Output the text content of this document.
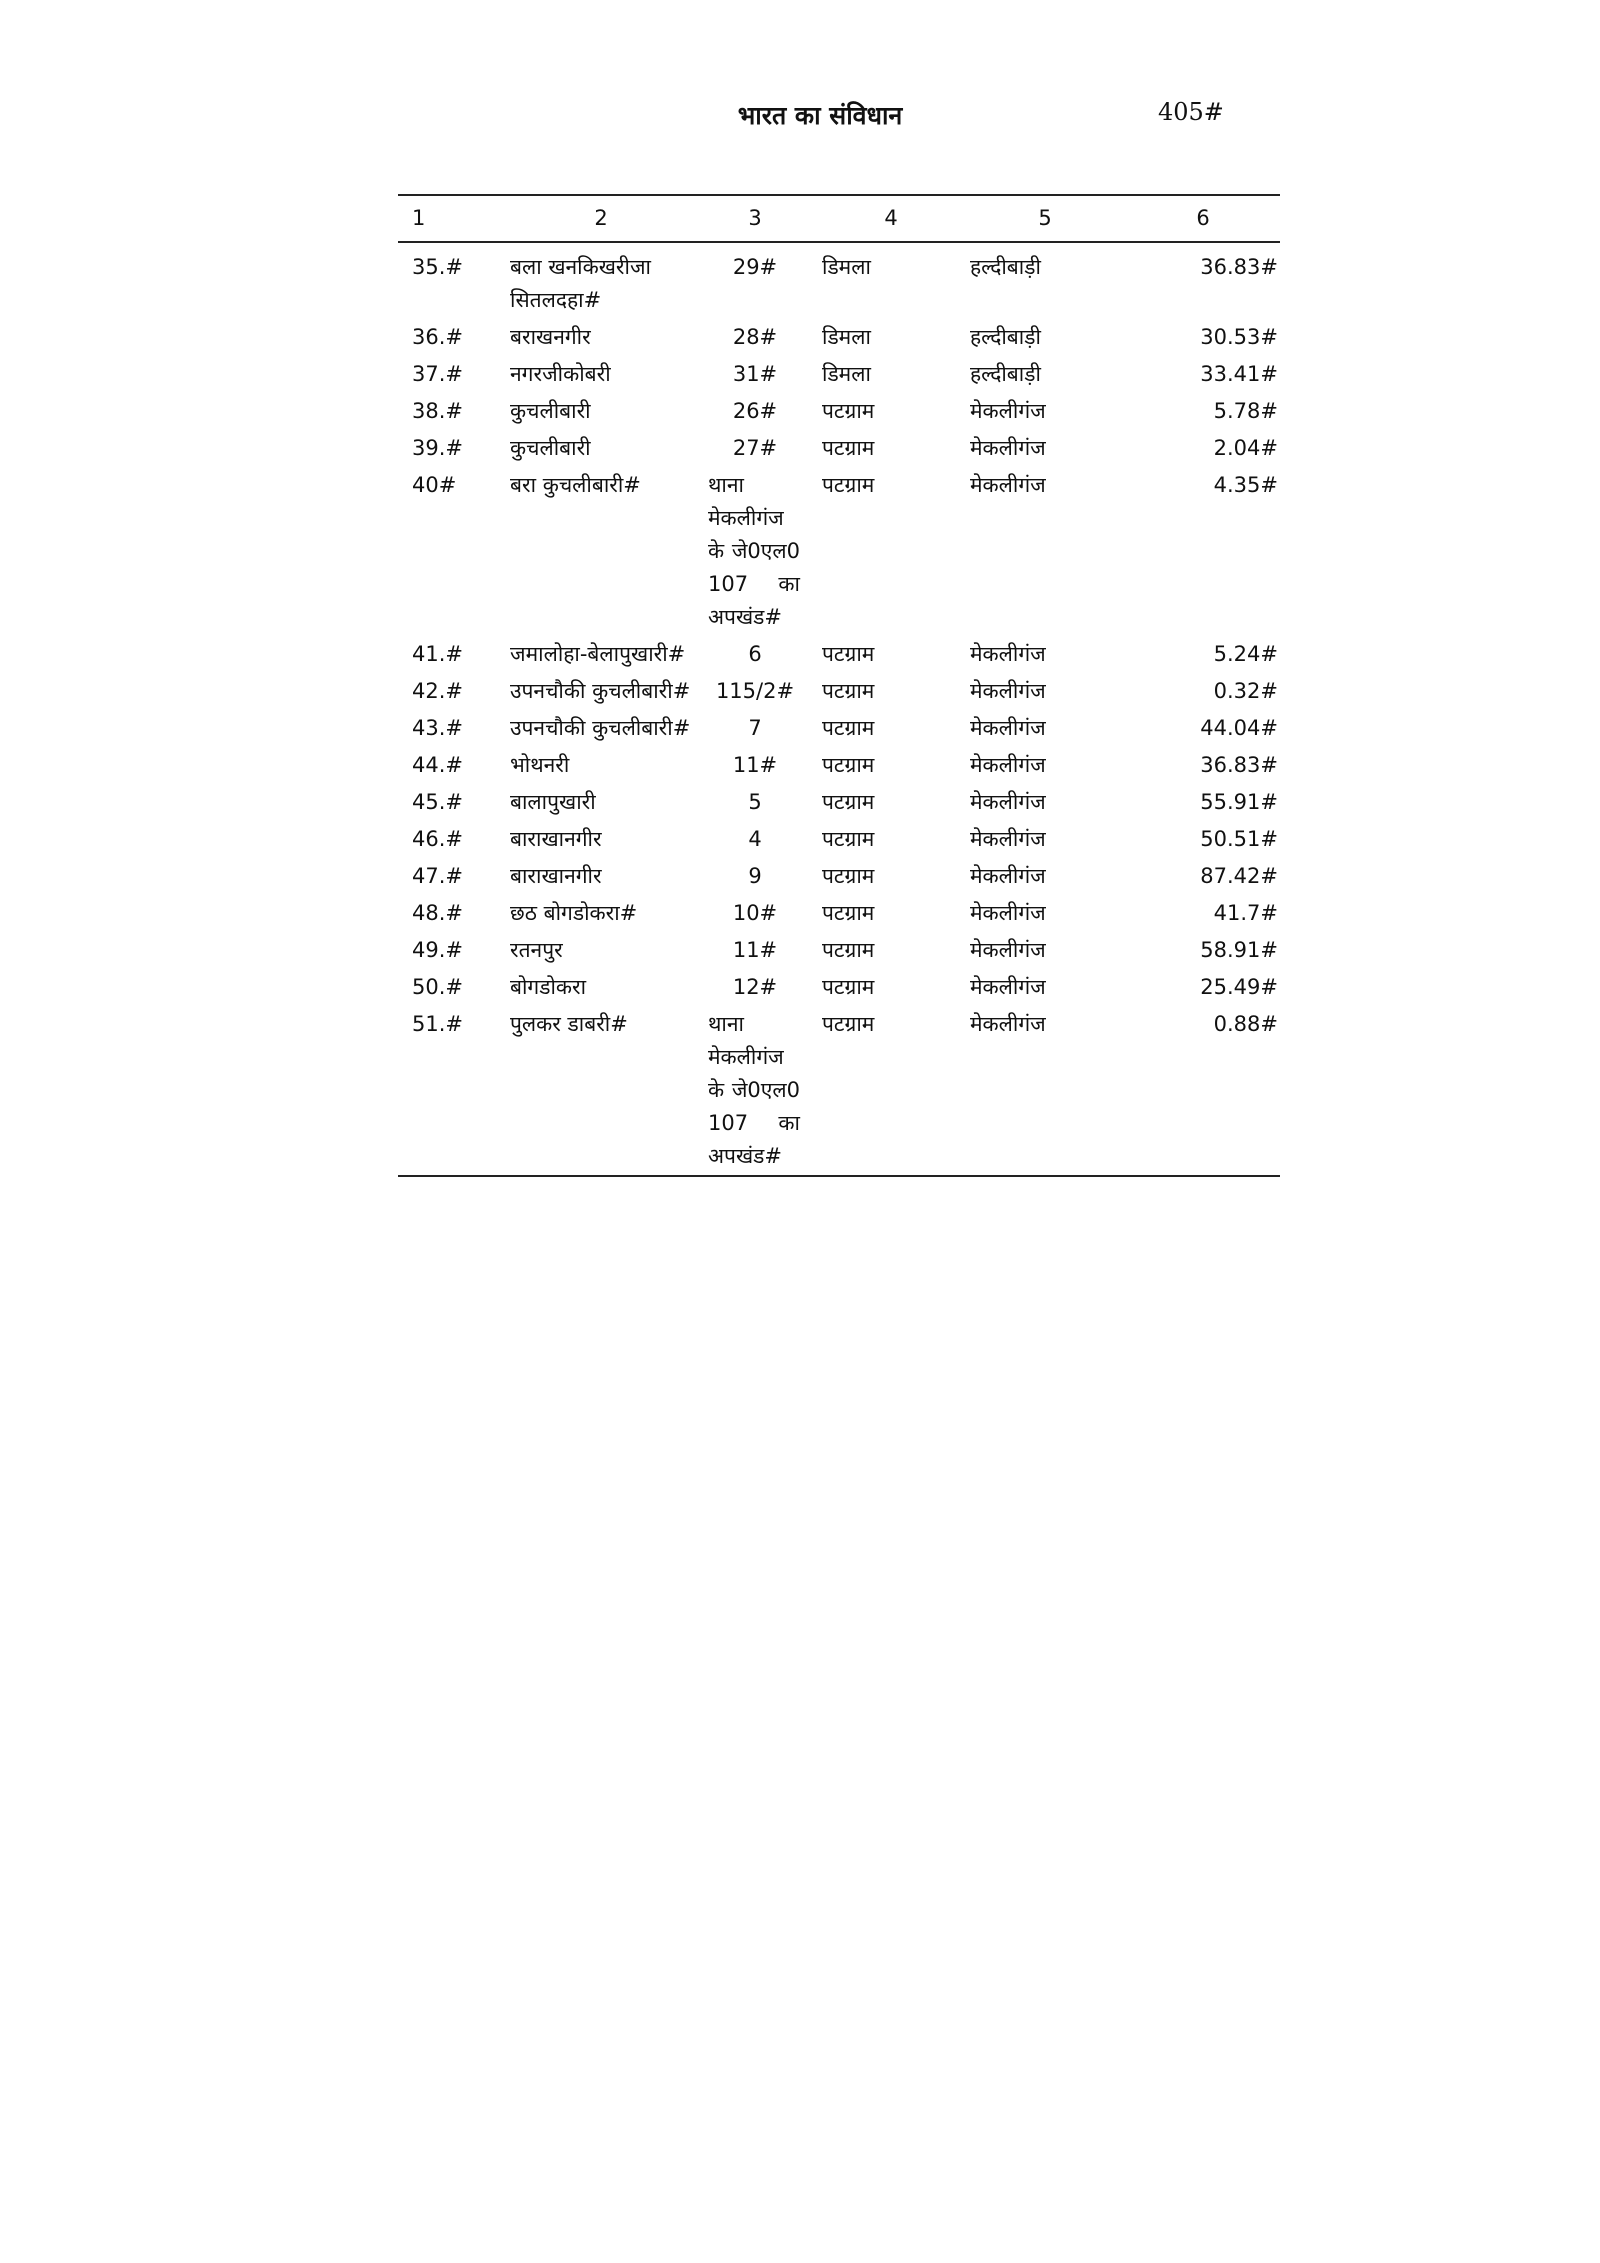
भारत का संविधान	405#
1	2	3	4	5	6
35.#	बला खनकिखरीजा सितलदहा#	29#	डिमला	हल्दीबाड़ी	36.83#
36.#	बराखनगीर	28#	डिमला	हल्दीबाड़ी	30.53#
37.#	नगरजीकोबरी	31#	डिमला	हल्दीबाड़ी	33.41#
38.#	कुचलीबारी	26#	पटग्राम	मेकलीगंज	5.78#
39.#	कुचलीबारी	27#	पटग्राम	मेकलीगंज	2.04#
40#	बरा कुचलीबारी#	थाना मेकलीगंज के जे0एल0 107 का अपखंड#	पटग्राम	मेकलीगंज	4.35#
41.#	जमालोहा-बेलापुखारी#	6	पटग्राम	मेकलीगंज	5.24#
42.#	उपनचौकी कुचलीबारी#	115/2#	पटग्राम	मेकलीगंज	0.32#
43.#	उपनचौकी कुचलीबारी#	7	पटग्राम	मेकलीगंज	44.04#
44.#	भोथनरी	11#	पटग्राम	मेकलीगंज	36.83#
45.#	बालापुखारी	5	पटग्राम	मेकलीगंज	55.91#
46.#	बाराखानगीर	4	पटग्राम	मेकलीगंज	50.51#
47.#	बाराखानगीर	9	पटग्राम	मेकलीगंज	87.42#
48.#	छठ बोगडोकरा#	10#	पटग्राम	मेकलीगंज	41.7#
49.#	रतनपुर	11#	पटग्राम	मेकलीगंज	58.91#
50.#	बोगडोकरा	12#	पटग्राम	मेकलीगंज	25.49#
51.#	पुलकर डाबरी#	थाना मेकलीगंज के जे0एल0 107 का अपखंड#	पटग्राम	मेकलीगंज	0.88#
